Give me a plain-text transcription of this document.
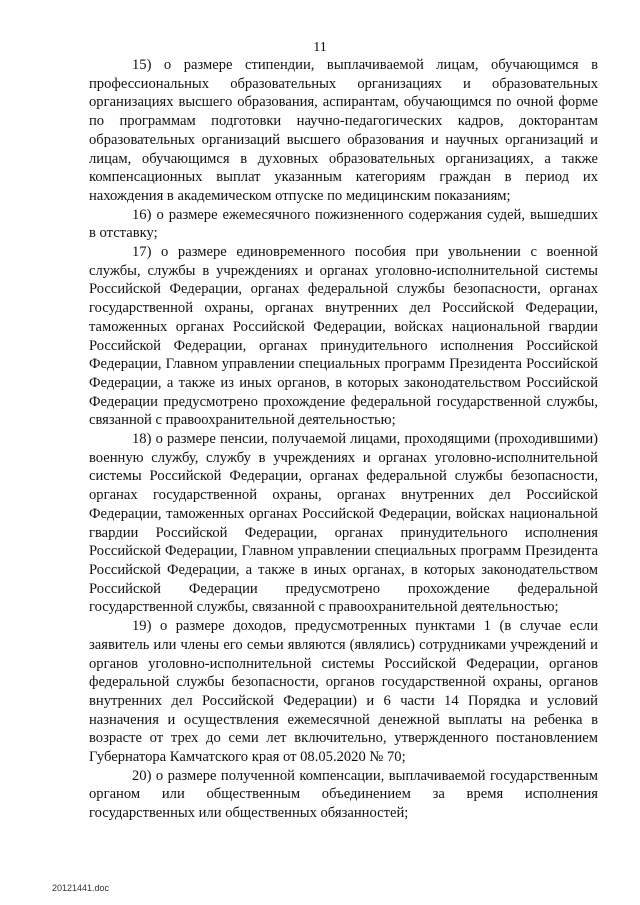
11

15) о размере стипендии, выплачиваемой лицам, обучающимся в профессиональных образовательных организациях и образовательных организациях высшего образования, аспирантам, обучающимся по очной форме по программам подготовки научно-педагогических кадров, докторантам образовательных организаций высшего образования и научных организаций и лицам, обучающимся в духовных образовательных организациях, а также компенсационных выплат указанным категориям граждан в период их нахождения в академическом отпуске по медицинским показаниям;

16) о размере ежемесячного пожизненного содержания судей, вышедших в отставку;

17) о размере единовременного пособия при увольнении с военной службы, службы в учреждениях и органах уголовно-исполнительной системы Российской Федерации, органах федеральной службы безопасности, органах государственной охраны, органах внутренних дел Российской Федерации, таможенных органах Российской Федерации, войсках национальной гвардии Российской Федерации, органах принудительного исполнения Российской Федерации, Главном управлении специальных программ Президента Российской Федерации, а также из иных органов, в которых законодательством Российской Федерации предусмотрено прохождение федеральной государственной службы, связанной с правоохранительной деятельностью;

18) о размере пенсии, получаемой лицами, проходящими (проходившими) военную службу, службу в учреждениях и органах уголовно-исполнительной системы Российской Федерации, органах федеральной службы безопасности, органах государственной охраны, органах внутренних дел Российской Федерации, таможенных органах Российской Федерации, войсках национальной гвардии Российской Федерации, органах принудительного исполнения Российской Федерации, Главном управлении специальных программ Президента Российской Федерации, а также в иных органах, в которых законодательством Российской Федерации предусмотрено прохождение федеральной государственной службы, связанной с правоохранительной деятельностью;

19) о размере доходов, предусмотренных пунктами 1 (в случае если заявитель или члены его семьи являются (являлись) сотрудниками учреждений и органов уголовно-исполнительной системы Российской Федерации, органов федеральной службы безопасности, органов государственной охраны, органов внутренних дел Российской Федерации) и 6 части 14 Порядка и условий назначения и осуществления ежемесячной денежной выплаты на ребенка в возрасте от трех до семи лет включительно, утвержденного постановлением Губернатора Камчатского края от 08.05.2020 № 70;

20) о размере полученной компенсации, выплачиваемой государственным органом или общественным объединением за время исполнения государственных или общественных обязанностей;

20121441.doc
